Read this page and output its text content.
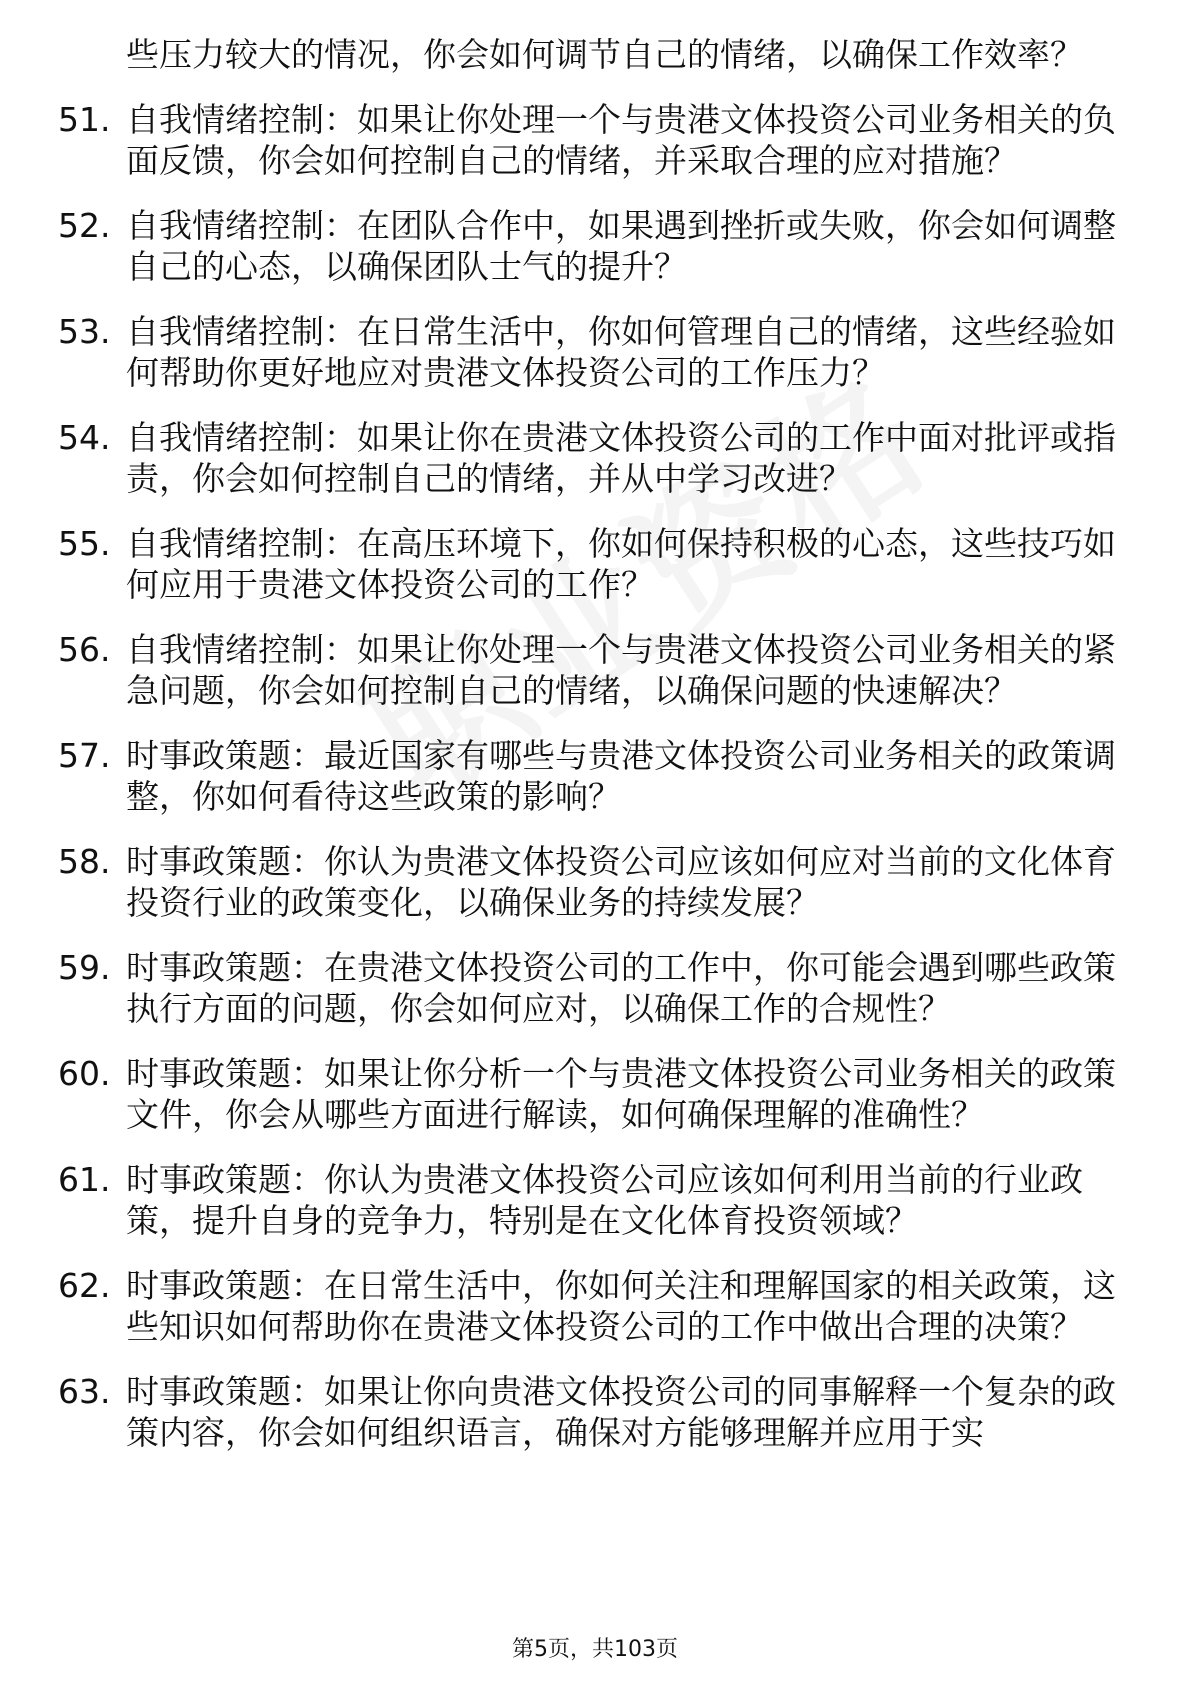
些压力较大的情况，你会如何调节自己的情绪，以确保工作效率？

51. 自我情绪控制：如果让你处理一个与贵港文体投资公司业务相关的负面反馈，你会如何控制自己的情绪，并采取合理的应对措施？
52. 自我情绪控制：在团队合作中，如果遇到挫折或失败，你会如何调整自己的心态，以确保团队士气的提升？
53. 自我情绪控制：在日常生活中，你如何管理自己的情绪，这些经验如何帮助你更好地应对贵港文体投资公司的工作压力？
54. 自我情绪控制：如果让你在贵港文体投资公司的工作中面对批评或指责，你会如何控制自己的情绪，并从中学习改进？
55. 自我情绪控制：在高压环境下，你如何保持积极的心态，这些技巧如何应用于贵港文体投资公司的工作？
56. 自我情绪控制：如果让你处理一个与贵港文体投资公司业务相关的紧急问题，你会如何控制自己的情绪，以确保问题的快速解决？
57. 时事政策题：最近国家有哪些与贵港文体投资公司业务相关的政策调整，你如何看待这些政策的影响？
58. 时事政策题：你认为贵港文体投资公司应该如何应对当前的文化体育投资行业的政策变化，以确保业务的持续发展？
59. 时事政策题：在贵港文体投资公司的工作中，你可能会遇到哪些政策执行方面的问题，你会如何应对，以确保工作的合规性？
60. 时事政策题：如果让你分析一个与贵港文体投资公司业务相关的政策文件，你会从哪些方面进行解读，如何确保理解的准确性？
61. 时事政策题：你认为贵港文体投资公司应该如何利用当前的行业政策，提升自身的竞争力，特别是在文化体育投资领域？
62. 时事政策题：在日常生活中，你如何关注和理解国家的相关政策，这些知识如何帮助你在贵港文体投资公司的工作中做出合理的决策？
63. 时事政策题：如果让你向贵港文体投资公司的同事解释一个复杂的政策内容，你会如何组织语言，确保对方能够理解并应用于实
第5页，共103页
